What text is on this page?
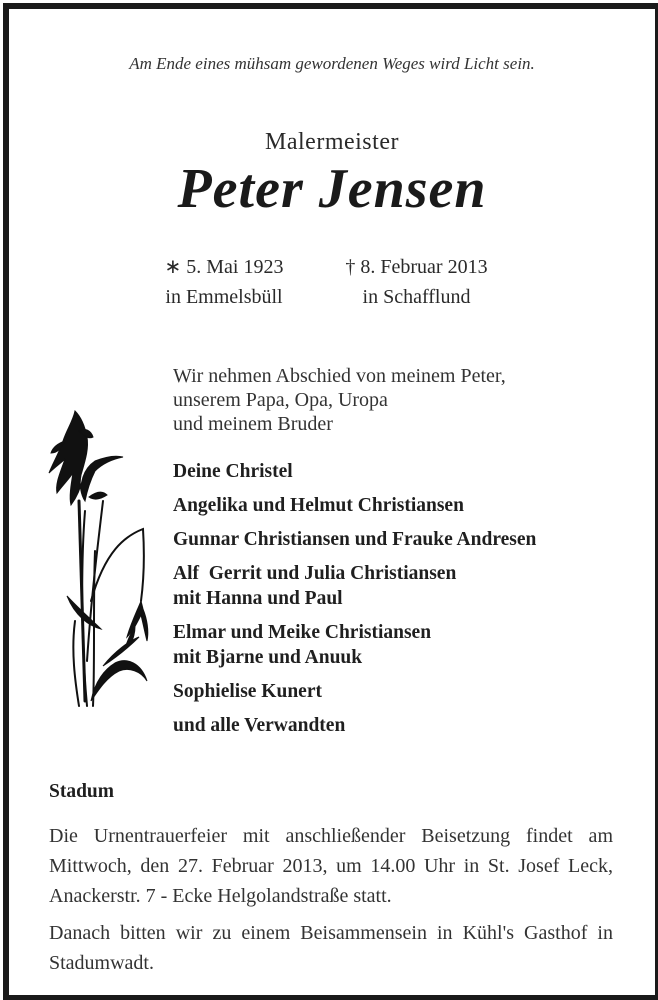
Am Ende eines mühsam gewordenen Weges wird Licht sein.
Malermeister
Peter Jensen
∗ 5. Mai 1923
in Emmelsbüll
† 8. Februar 2013
in Schafflund
Wir nehmen Abschied von meinem Peter,
unserem Papa, Opa, Uropa
und meinem Bruder
Deine Christel
Angelika und Helmut Christiansen
Gunnar Christiansen und Frauke Andresen
Alf  Gerrit und Julia Christiansen
mit Hanna und Paul
Elmar und Meike Christiansen
mit Bjarne und Anuuk
Sophielise Kunert
und alle Verwandten
Stadum
Die Urnentrauerfeier mit anschließender Beisetzung findet am Mittwoch, den 27. Februar 2013, um 14.00 Uhr in St. Josef Leck, Anackerstr. 7 - Ecke Helgolandstraße statt.
Danach bitten wir zu einem Beisammensein in Kühl's Gasthof in Stadumwadt.
